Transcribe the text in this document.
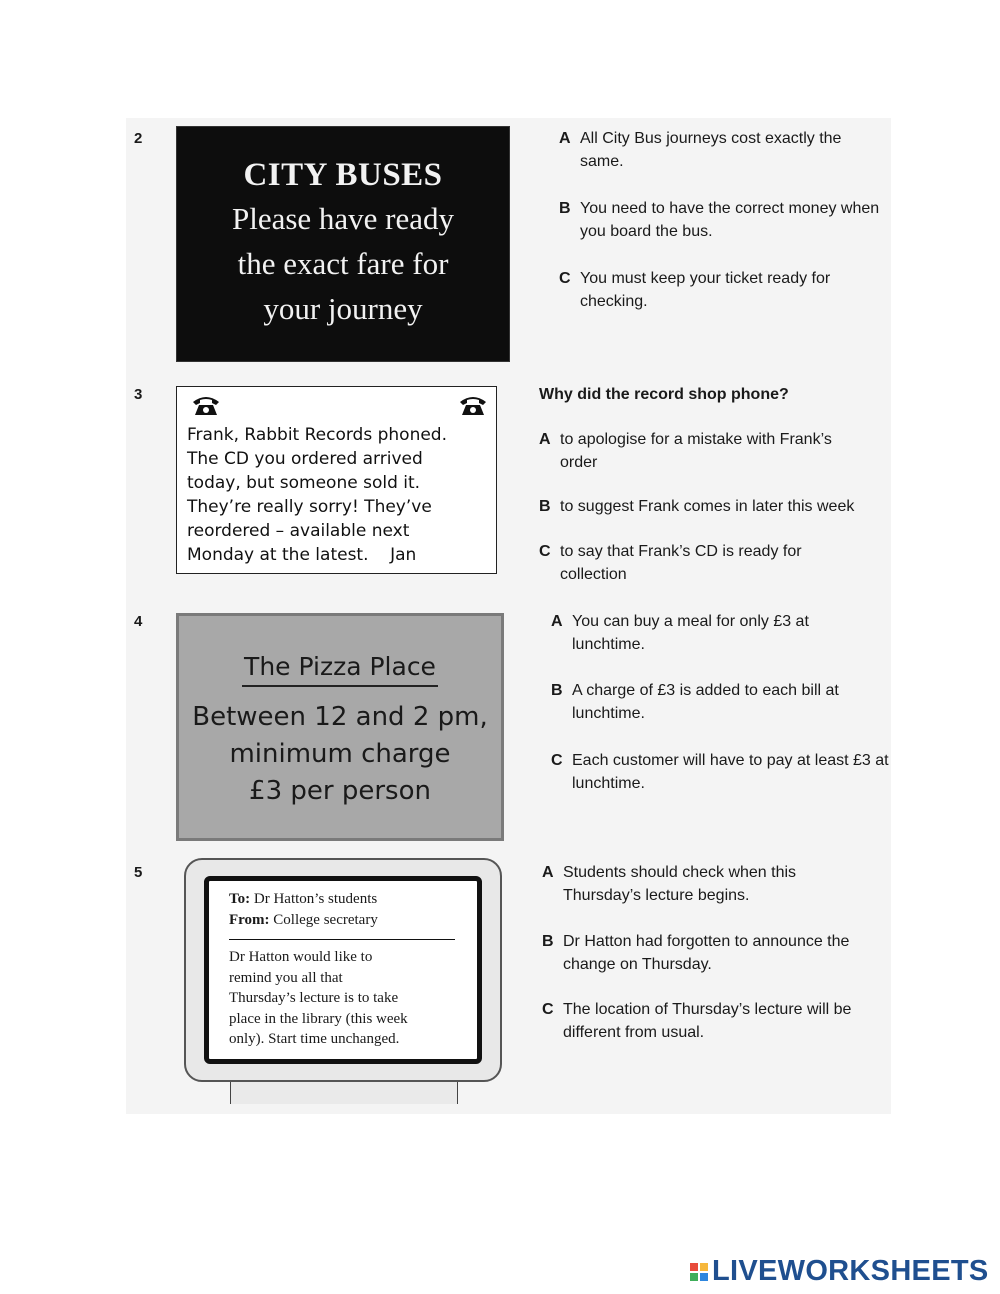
2
CITY BUSES
Please have ready
the exact fare for
your journey
A All City Bus journeys cost exactly the same.
B You need to have the correct money when you board the bus.
C You must keep your ticket ready for checking.
3
Frank, Rabbit Records phoned.
The CD you ordered arrived
today, but someone sold it.
They’re really sorry! They’ve
reordered – available next
Monday at the latest.    Jan
Why did the record shop phone?
A to apologise for a mistake with Frank’s order
B to suggest Frank comes in later this week
C to say that Frank’s CD is ready for collection
4
The Pizza Place
Between 12 and 2 pm,
minimum charge
£3 per person
A You can buy a meal for only £3 at lunchtime.
B A charge of £3 is added to each bill at lunchtime.
C Each customer will have to pay at least £3 at lunchtime.
5
To: Dr Hatton’s students
From: College secretary
Dr Hatton would like to
remind you all that
Thursday’s lecture is to take
place in the library (this week
only). Start time unchanged.
A Students should check when this Thursday’s lecture begins.
B Dr Hatton had forgotten to announce the change on Thursday.
C The location of Thursday’s lecture will be different from usual.
LIVEWORKSHEETS
